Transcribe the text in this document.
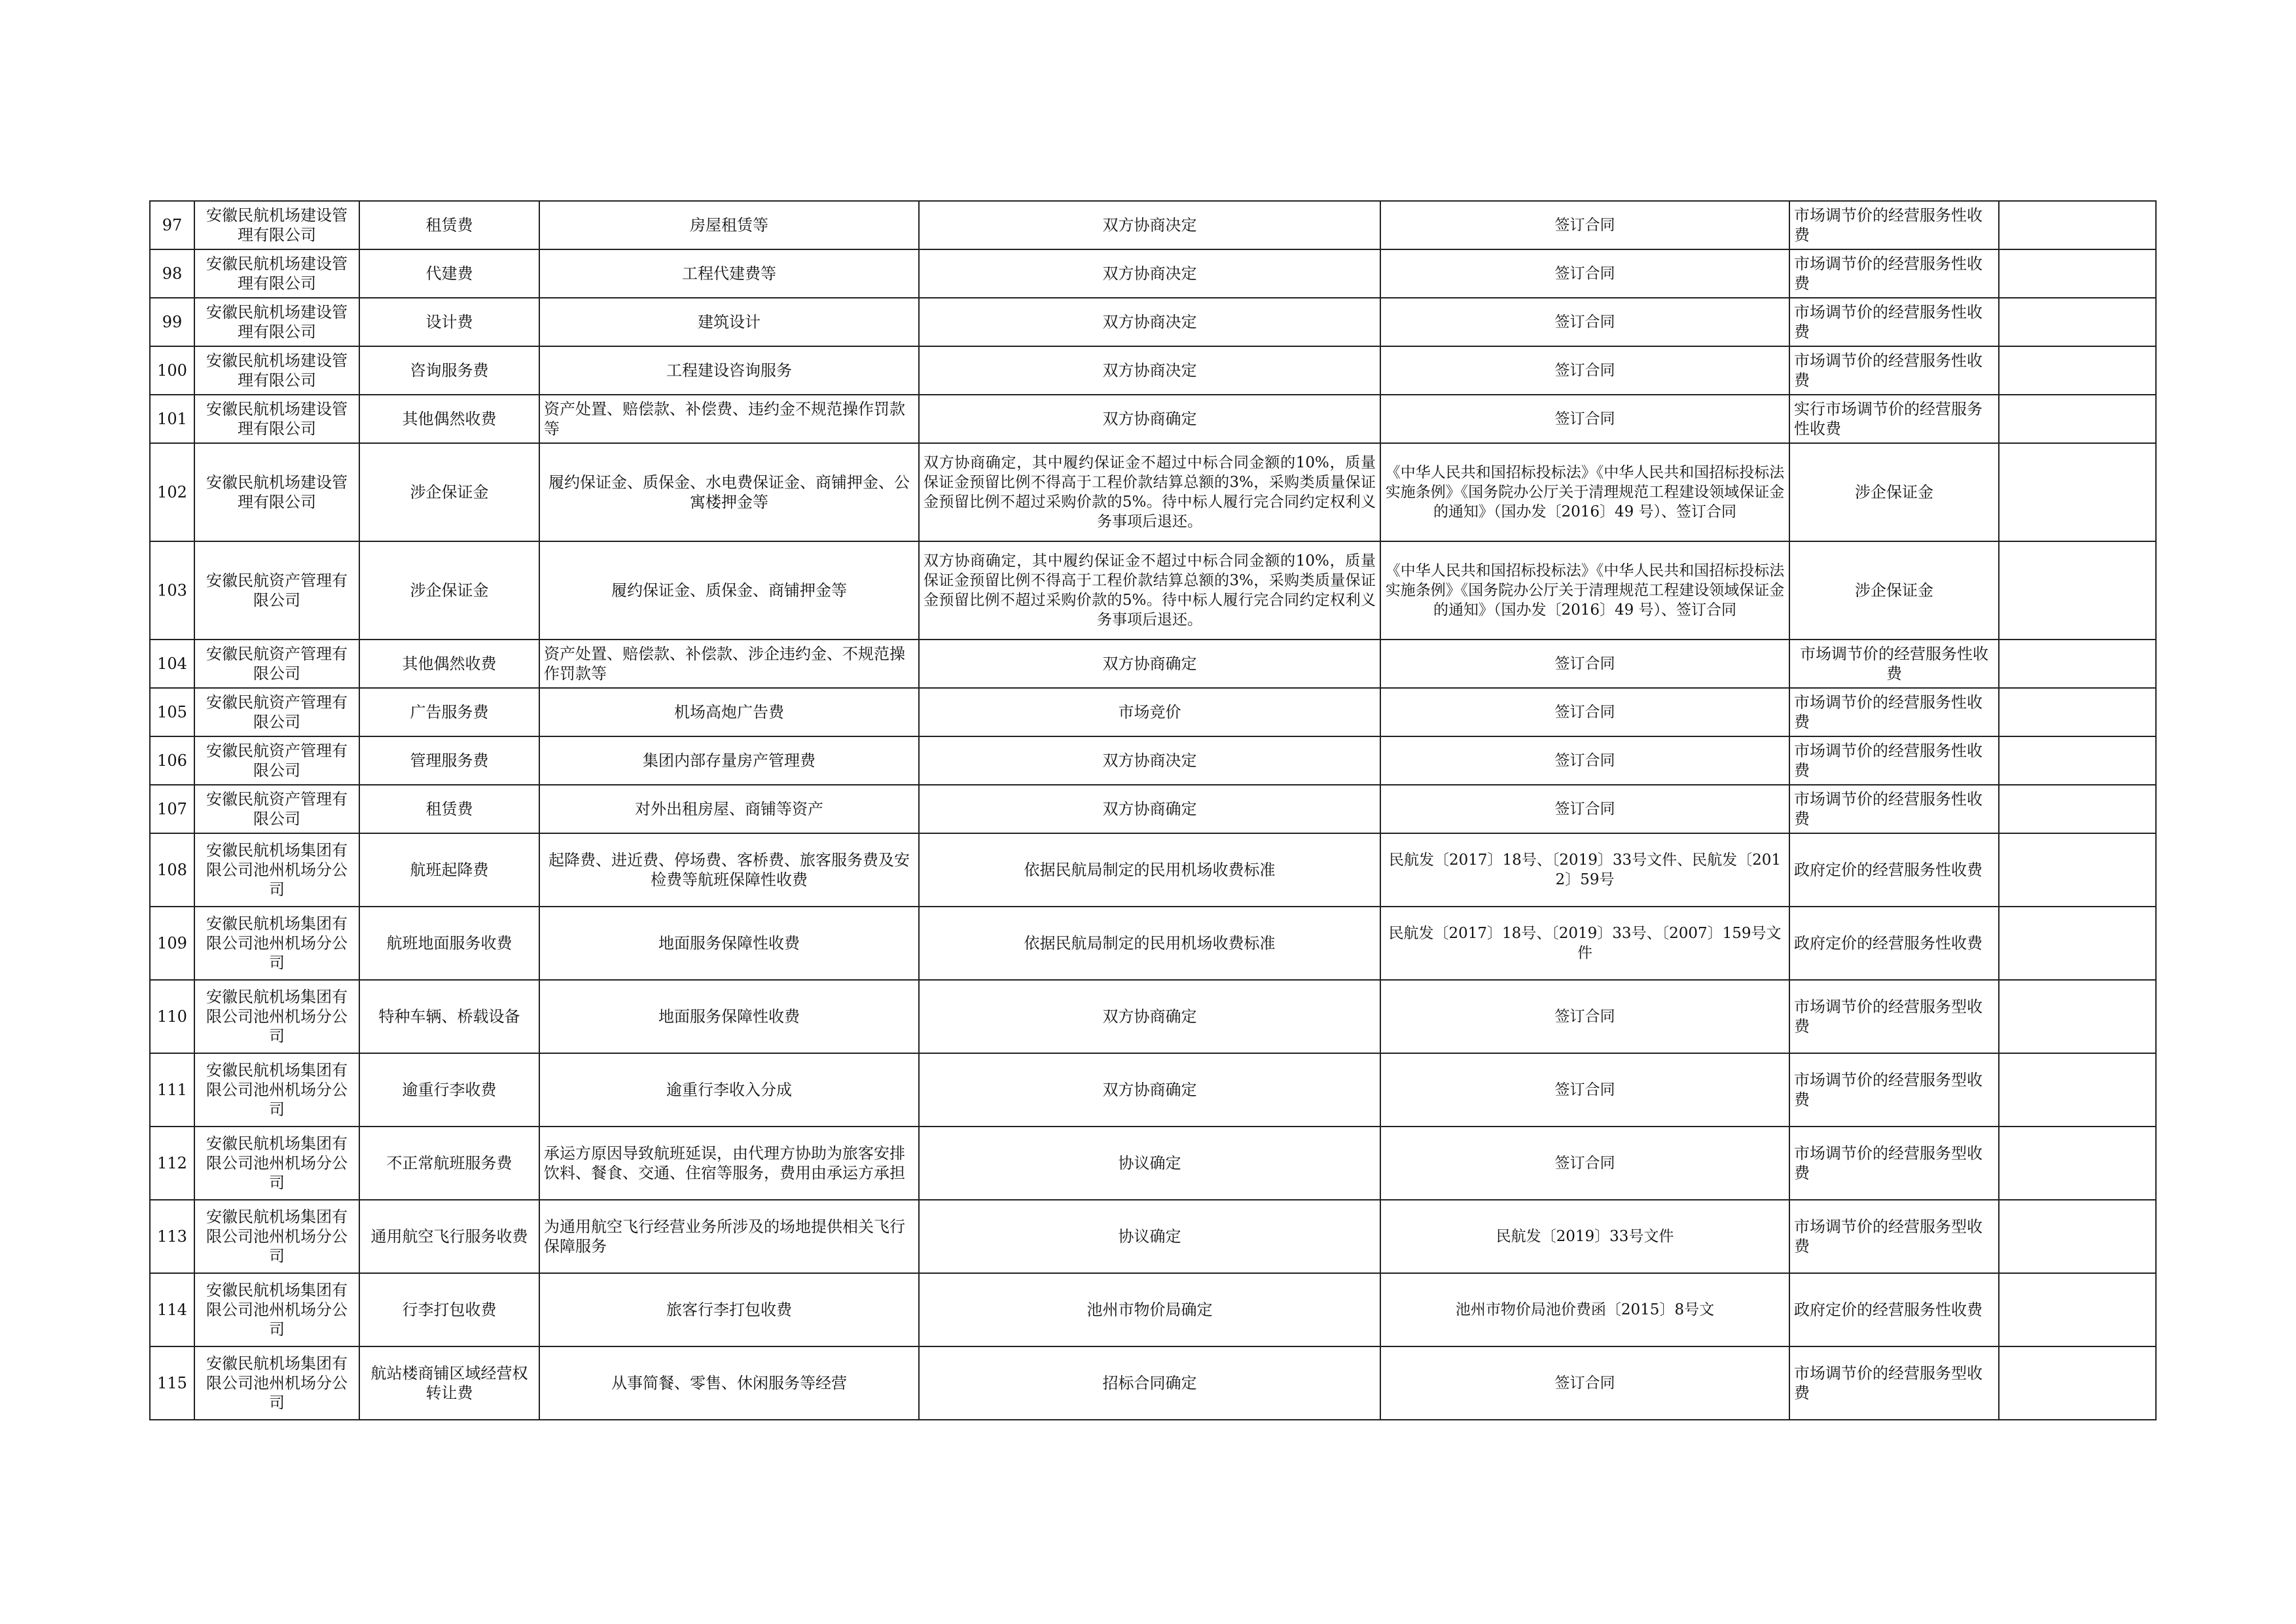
97	安徽民航机场建设管理有限公司	租赁费	房屋租赁等	双方协商决定	签订合同	市场调节价的经营服务性收费	
98	安徽民航机场建设管理有限公司	代建费	工程代建费等	双方协商决定	签订合同	市场调节价的经营服务性收费	
99	安徽民航机场建设管理有限公司	设计费	建筑设计	双方协商决定	签订合同	市场调节价的经营服务性收费	
100	安徽民航机场建设管理有限公司	咨询服务费	工程建设咨询服务	双方协商决定	签订合同	市场调节价的经营服务性收费	
101	安徽民航机场建设管理有限公司	其他偶然收费	资产处置、赔偿款、补偿费、违约金不规范操作罚款等	双方协商确定	签订合同	实行市场调节价的经营服务性收费	
102	安徽民航机场建设管理有限公司	涉企保证金	履约保证金、质保金、水电费保证金、商铺押金、公寓楼押金等	双方协商确定，其中履约保证金不超过中标合同金额的10%，质量保证金预留比例不得高于工程价款结算总额的3%，采购类质量保证金预留比例不超过采购价款的5%。待中标人履行完合同约定权利义务事项后退还。	《中华人民共和国招标投标法》《中华人民共和国招标投标法实施条例》《国务院办公厅关于清理规范工程建设领域保证金的通知》（国办发〔2016〕49 号）、签订合同	涉企保证金	
103	安徽民航资产管理有限公司	涉企保证金	履约保证金、质保金、商铺押金等	双方协商确定，其中履约保证金不超过中标合同金额的10%，质量保证金预留比例不得高于工程价款结算总额的3%，采购类质量保证金预留比例不超过采购价款的5%。待中标人履行完合同约定权利义务事项后退还。	《中华人民共和国招标投标法》《中华人民共和国招标投标法实施条例》《国务院办公厅关于清理规范工程建设领域保证金的通知》（国办发〔2016〕49 号）、签订合同	涉企保证金	
104	安徽民航资产管理有限公司	其他偶然收费	资产处置、赔偿款、补偿款、涉企违约金、不规范操作罚款等	双方协商确定	签订合同	市场调节价的经营服务性收费	
105	安徽民航资产管理有限公司	广告服务费	机场高炮广告费	市场竞价	签订合同	市场调节价的经营服务性收费	
106	安徽民航资产管理有限公司	管理服务费	集团内部存量房产管理费	双方协商决定	签订合同	市场调节价的经营服务性收费	
107	安徽民航资产管理有限公司	租赁费	对外出租房屋、商铺等资产	双方协商确定	签订合同	市场调节价的经营服务性收费	
108	安徽民航机场集团有限公司池州机场分公司	航班起降费	起降费、进近费、停场费、客桥费、旅客服务费及安检费等航班保障性收费	依据民航局制定的民用机场收费标准	民航发〔2017〕18号、〔2019〕33号文件、民航发〔2012〕59号	政府定价的经营服务性收费	
109	安徽民航机场集团有限公司池州机场分公司	航班地面服务收费	地面服务保障性收费	依据民航局制定的民用机场收费标准	民航发〔2017〕18号、〔2019〕33号、〔2007〕159号文件	政府定价的经营服务性收费	
110	安徽民航机场集团有限公司池州机场分公司	特种车辆、桥载设备	地面服务保障性收费	双方协商确定	签订合同	市场调节价的经营服务型收费	
111	安徽民航机场集团有限公司池州机场分公司	逾重行李收费	逾重行李收入分成	双方协商确定	签订合同	市场调节价的经营服务型收费	
112	安徽民航机场集团有限公司池州机场分公司	不正常航班服务费	承运方原因导致航班延误，由代理方协助为旅客安排饮料、餐食、交通、住宿等服务，费用由承运方承担	协议确定	签订合同	市场调节价的经营服务型收费	
113	安徽民航机场集团有限公司池州机场分公司	通用航空飞行服务收费	为通用航空飞行经营业务所涉及的场地提供相关飞行保障服务	协议确定	民航发〔2019〕33号文件	市场调节价的经营服务型收费	
114	安徽民航机场集团有限公司池州机场分公司	行李打包收费	旅客行李打包收费	池州市物价局确定	池州市物价局池价费函〔2015〕8号文	政府定价的经营服务性收费	
115	安徽民航机场集团有限公司池州机场分公司	航站楼商铺区域经营权转让费	从事简餐、零售、休闲服务等经营	招标合同确定	签订合同	市场调节价的经营服务型收费	
